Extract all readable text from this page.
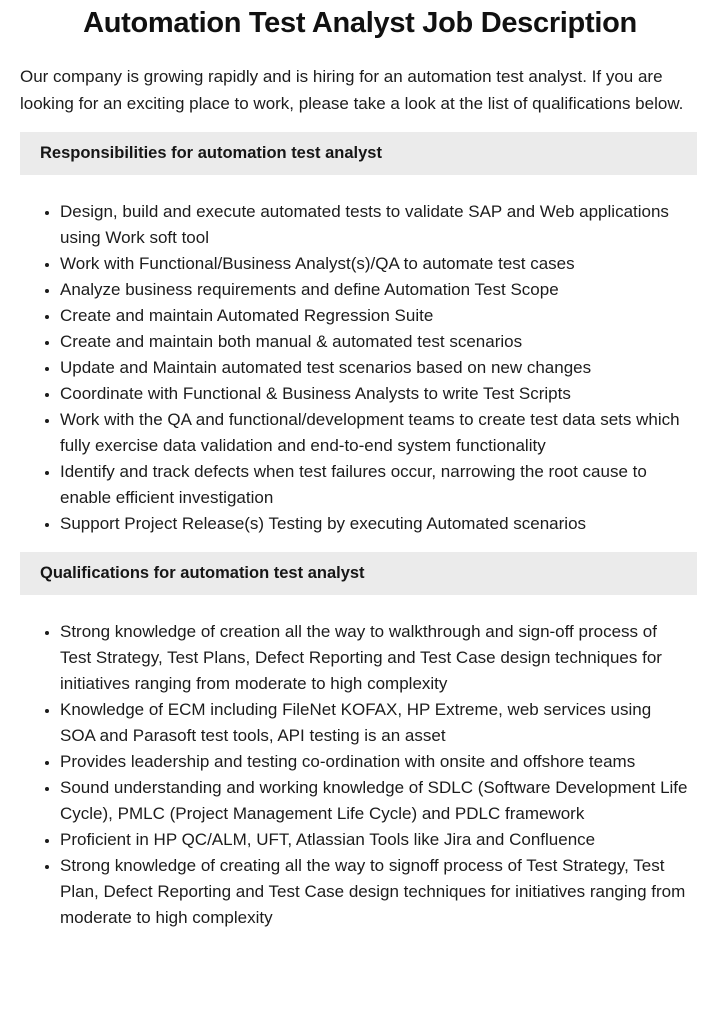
Automation Test Analyst Job Description

Our company is growing rapidly and is hiring for an automation test analyst. If you are looking for an exciting place to work, please take a look at the list of qualifications below.

Responsibilities for automation test analyst
• Design, build and execute automated tests to validate SAP and Web applications using Work soft tool
• Work with Functional/Business Analyst(s)/QA to automate test cases
• Analyze business requirements and define Automation Test Scope
• Create and maintain Automated Regression Suite
• Create and maintain both manual & automated test scenarios
• Update and Maintain automated test scenarios based on new changes
• Coordinate with Functional & Business Analysts to write Test Scripts
• Work with the QA and functional/development teams to create test data sets which fully exercise data validation and end-to-end system functionality
• Identify and track defects when test failures occur, narrowing the root cause to enable efficient investigation
• Support Project Release(s) Testing by executing Automated scenarios
Qualifications for automation test analyst
• Strong knowledge of creation all the way to walkthrough and sign-off process of Test Strategy, Test Plans, Defect Reporting and Test Case design techniques for initiatives ranging from moderate to high complexity
• Knowledge of ECM including FileNet KOFAX, HP Extreme, web services using SOA and Parasoft test tools, API testing is an asset
• Provides leadership and testing co-ordination with onsite and offshore teams
• Sound understanding and working knowledge of SDLC (Software Development Life Cycle), PMLC (Project Management Life Cycle) and PDLC framework
• Proficient in HP QC/ALM, UFT, Atlassian Tools like Jira and Confluence
• Strong knowledge of creating all the way to signoff process of Test Strategy, Test Plan, Defect Reporting and Test Case design techniques for initiatives ranging from moderate to high complexity
